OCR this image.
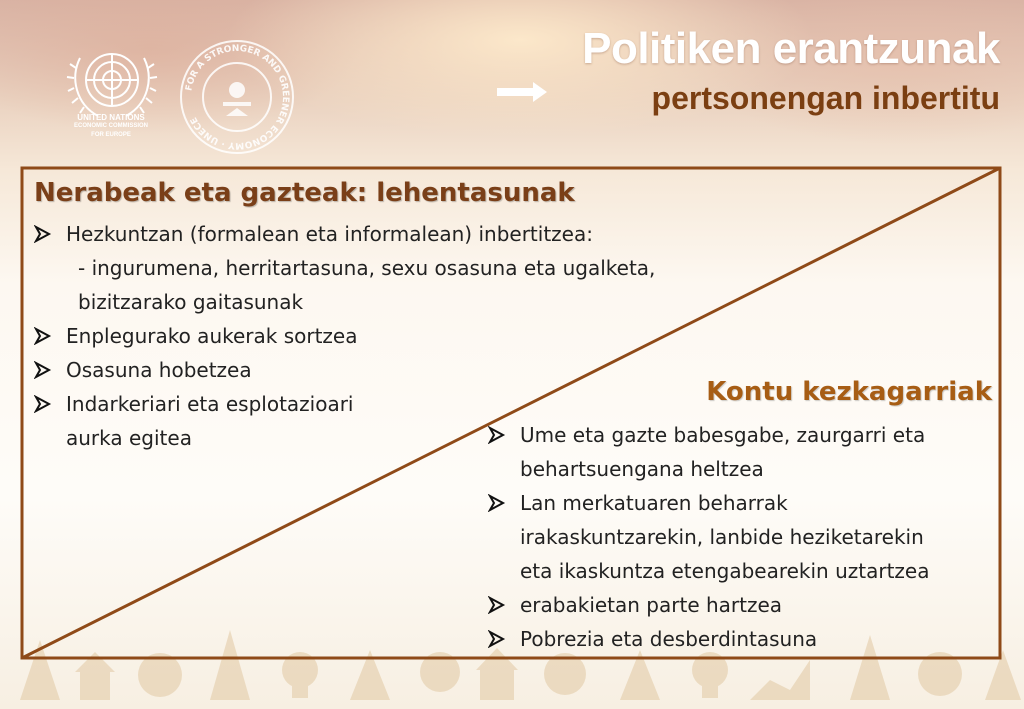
UNITED NATIONS
ECONOMIC COMMISSION
FOR EUROPE
FOR A STRONGER AND GREENER ECONOMY · UNECE
Politiken erantzunak
pertsonengan inbertitu
Nerabeak eta gazteak: lehentasunak
Hezkuntzan (formalean eta informalean) inbertitzea:
- ingurumena, herritartasuna, sexu osasuna eta ugalketa,
bizitzarako gaitasunak
Enplegurako aukerak sortzea
Osasuna hobetzea
Indarkeriari eta esplotazioari
aurka egitea
Kontu kezkagarriak
Ume eta gazte babesgabe, zaurgarri eta
behartsuengana heltzea
Lan merkatuaren beharrak
irakaskuntzarekin, lanbide heziketarekin
eta ikaskuntza etengabearekin uztartzea
erabakietan parte hartzea
Pobrezia eta desberdintasuna
